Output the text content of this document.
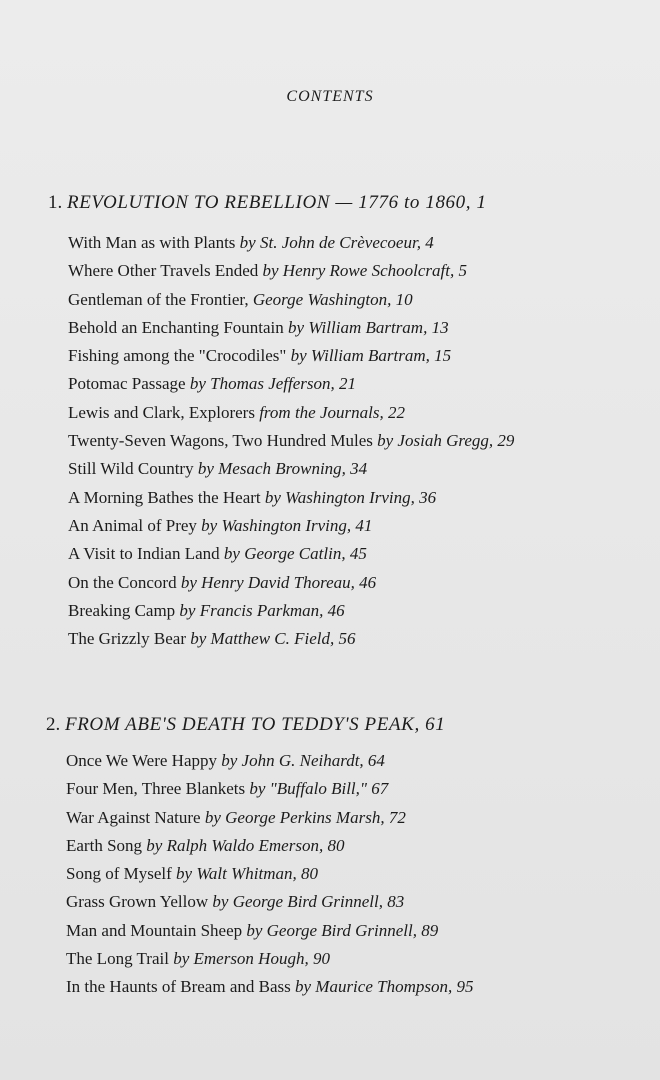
CONTENTS
1. REVOLUTION TO REBELLION — 1776 to 1860, 1
With Man as with Plants by St. John de Crèvecoeur, 4
Where Other Travels Ended by Henry Rowe Schoolcraft, 5
Gentleman of the Frontier, George Washington, 10
Behold an Enchanting Fountain by William Bartram, 13
Fishing among the "Crocodiles" by William Bartram, 15
Potomac Passage by Thomas Jefferson, 21
Lewis and Clark, Explorers from the Journals, 22
Twenty-Seven Wagons, Two Hundred Mules by Josiah Gregg, 29
Still Wild Country by Mesach Browning, 34
A Morning Bathes the Heart by Washington Irving, 36
An Animal of Prey by Washington Irving, 41
A Visit to Indian Land by George Catlin, 45
On the Concord by Henry David Thoreau, 46
Breaking Camp by Francis Parkman, 46
The Grizzly Bear by Matthew C. Field, 56
2. FROM ABE'S DEATH TO TEDDY'S PEAK, 61
Once We Were Happy by John G. Neihardt, 64
Four Men, Three Blankets by "Buffalo Bill," 67
War Against Nature by George Perkins Marsh, 72
Earth Song by Ralph Waldo Emerson, 80
Song of Myself by Walt Whitman, 80
Grass Grown Yellow by George Bird Grinnell, 83
Man and Mountain Sheep by George Bird Grinnell, 89
The Long Trail by Emerson Hough, 90
In the Haunts of Bream and Bass by Maurice Thompson, 95
